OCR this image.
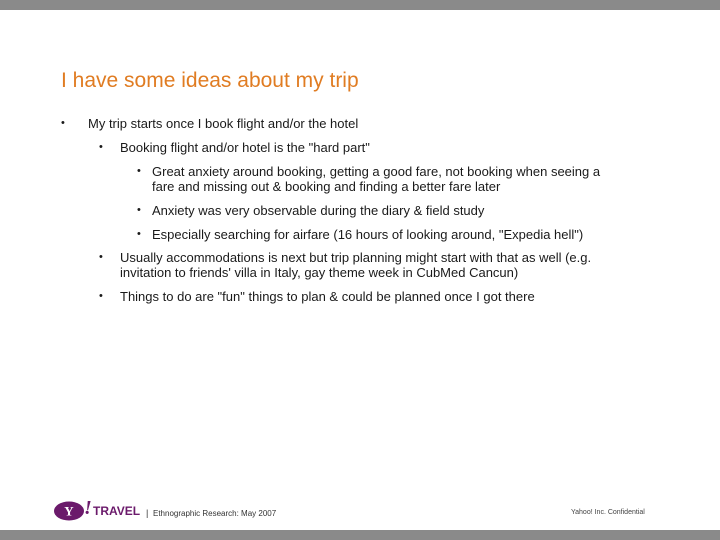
I have some ideas about my trip
• My trip starts once I book flight and/or the hotel
• Booking flight and/or hotel is the "hard part"
• Great anxiety around booking, getting a good fare, not booking when seeing a
fare and missing out & booking and finding a better fare later
• Anxiety was very observable during the diary & field study
• Especially searching for airfare (16 hours of looking around, "Expedia hell")
• Usually accommodations is next but trip planning might start with that as well (e.g.
invitation to friends' villa in Italy, gay theme week in CubMed Cancun)
• Things to do are "fun" things to plan & could be planned once I got there
Y ! TRAVEL | Ethnographic Research: May 2007	Yahoo! Inc. Confidential
